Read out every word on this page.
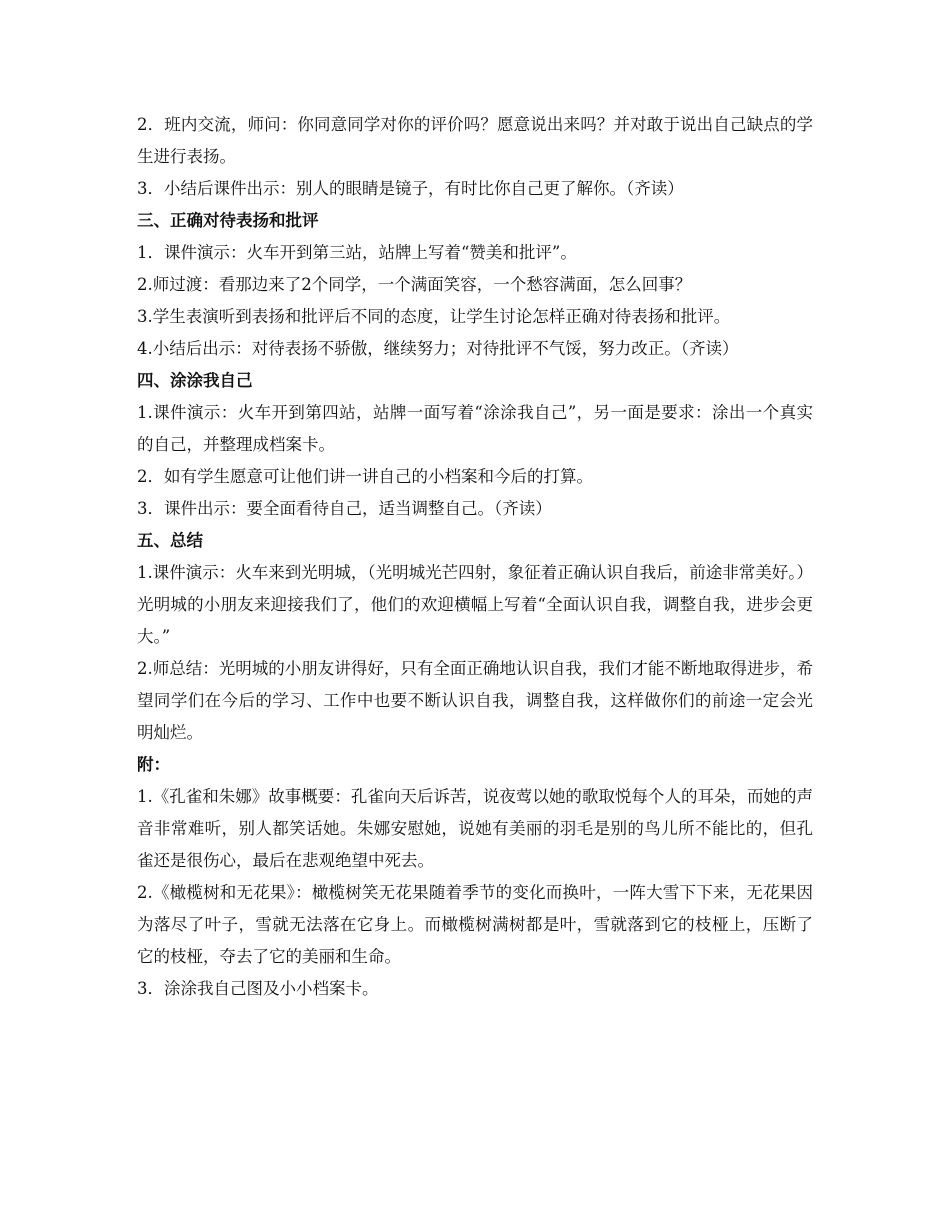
2．班内交流，师问：你同意同学对你的评价吗？愿意说出来吗？并对敢于说出自己缺点的学生进行表扬。

3．小结后课件出示：别人的眼睛是镜子，有时比你自己更了解你。（齐读）

三、正确对待表扬和批评

1．课件演示：火车开到第三站，站牌上写着“赞美和批评”。

2.师过渡：看那边来了2个同学，一个满面笑容，一个愁容满面，怎么回事？

3.学生表演听到表扬和批评后不同的态度，让学生讨论怎样正确对待表扬和批评。

4.小结后出示：对待表扬不骄傲，继续努力；对待批评不气馁，努力改正。（齐读）

四、涂涂我自己

1.课件演示：火车开到第四站，站牌一面写着“涂涂我自己”，另一面是要求：涂出一个真实的自己，并整理成档案卡。

2．如有学生愿意可让他们讲一讲自己的小档案和今后的打算。

3．课件出示：要全面看待自己，适当调整自己。（齐读）

五、总结

1.课件演示：火车来到光明城，（光明城光芒四射，象征着正确认识自我后，前途非常美好。）光明城的小朋友来迎接我们了，他们的欢迎横幅上写着“全面认识自我，调整自我，进步会更大。”

2.师总结：光明城的小朋友讲得好，只有全面正确地认识自我，我们才能不断地取得进步，希望同学们在今后的学习、工作中也要不断认识自我，调整自我，这样做你们的前途一定会光明灿烂。

附：

1.《孔雀和朱娜》故事概要：孔雀向天后诉苦，说夜莺以她的歌取悦每个人的耳朵，而她的声音非常难听，别人都笑话她。朱娜安慰她，说她有美丽的羽毛是别的鸟儿所不能比的，但孔雀还是很伤心，最后在悲观绝望中死去。

2.《橄榄树和无花果》：橄榄树笑无花果随着季节的变化而换叶，一阵大雪下下来，无花果因为落尽了叶子，雪就无法落在它身上。而橄榄树满树都是叶，雪就落到它的枝桠上，压断了它的枝桠，夺去了它的美丽和生命。

3．涂涂我自己图及小小档案卡。
